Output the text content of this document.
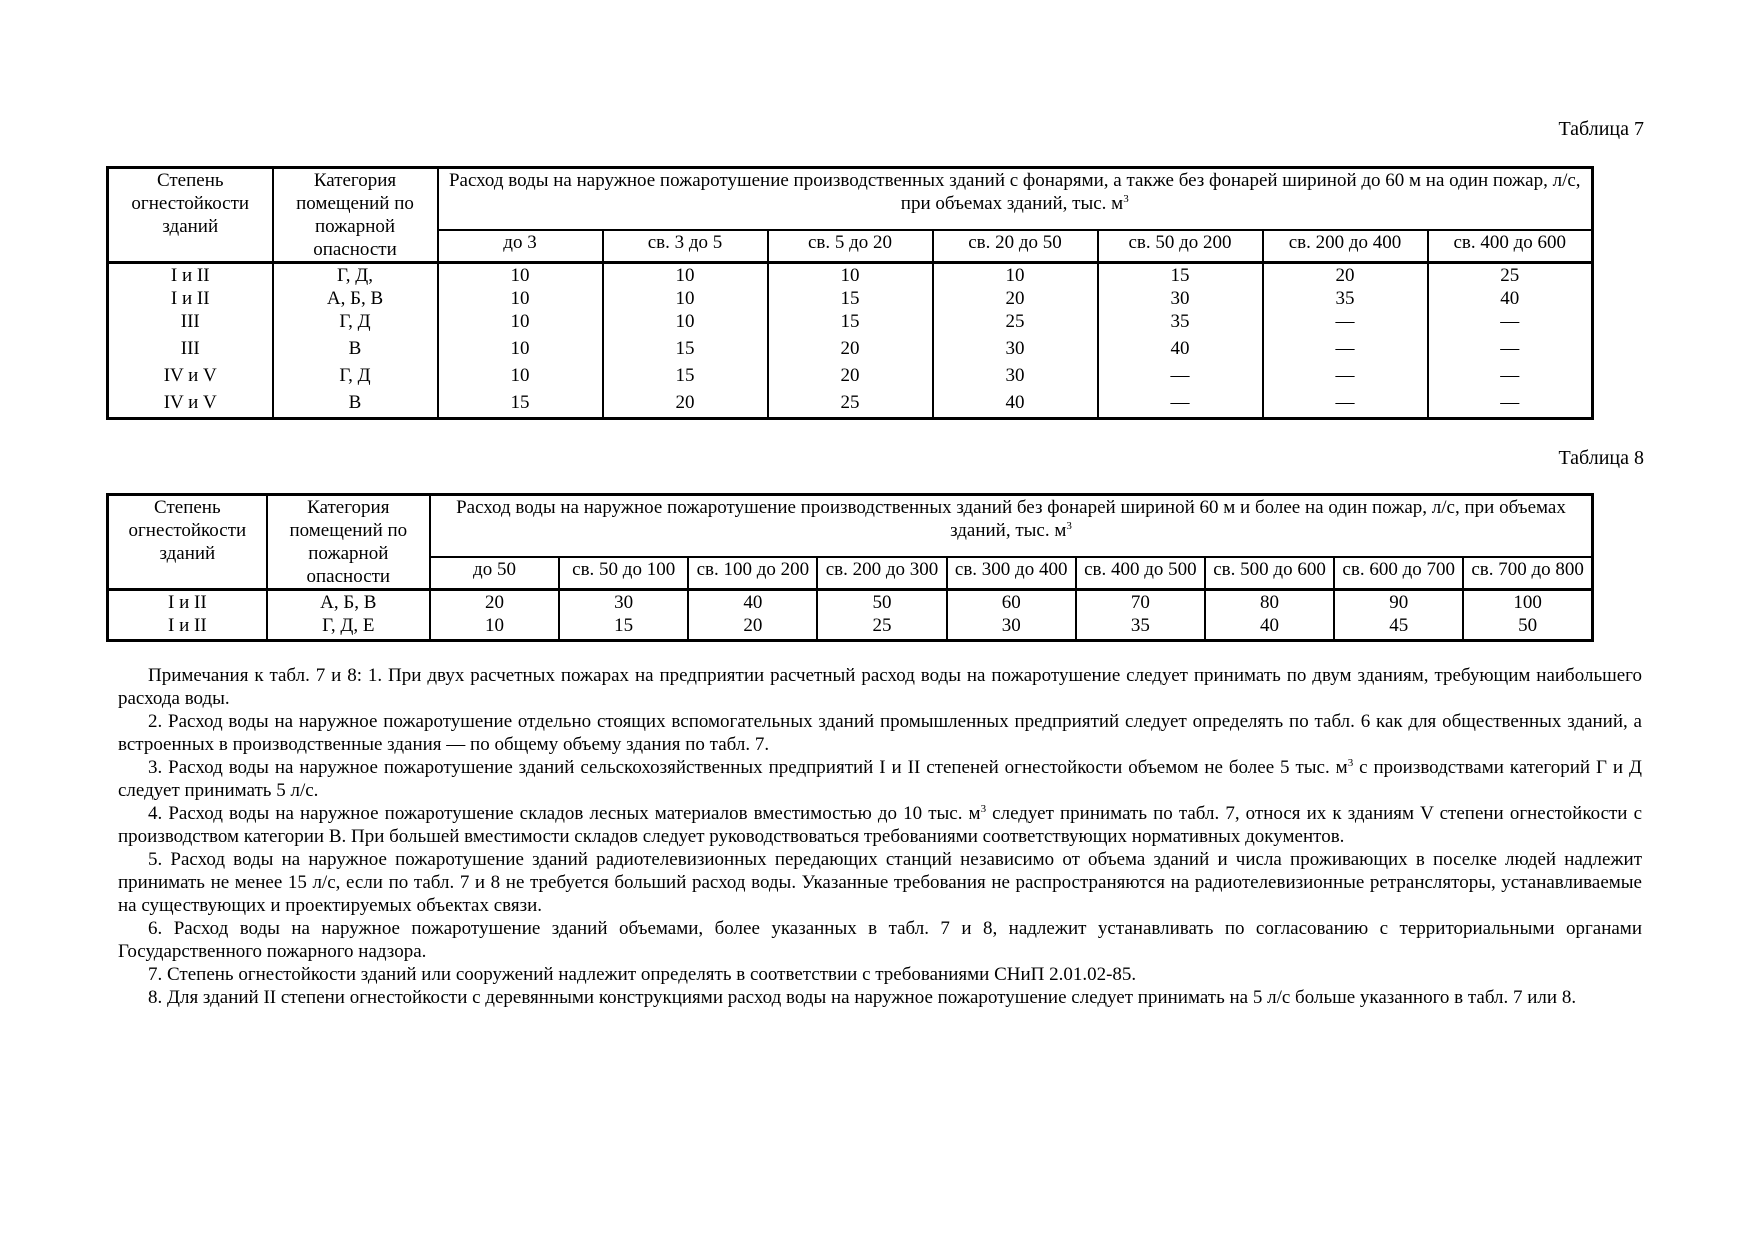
Таблица 7
Степень огнестойкости зданий	Категория помещений по пожарной опасности	Расход воды на наружное пожаротушение производственных зданий с фонарями, а также без фонарей шириной до 60 м на один пожар, л/с, при объемах зданий, тыс. $м^3$
		до 3	св. 3 до 5	св. 5 до 20	св. 20 до 50	св. 50 до 200	св. 200 до 400	св. 400 до 600
I и II	Г, Д,	10	10	10	10	15	20	25
I и II	А, Б, В	10	10	15	20	30	35	40
III	Г, Д	10	10	15	25	35	—	—
III	В	10	15	20	30	40	—	—
IV и V	Г, Д	10	15	20	30	—	—	—
IV и V	В	15	20	25	40	—	—	—
Таблица 8
Степень огнестойкости зданий	Категория помещений по пожарной опасности	Расход воды на наружное пожаротушение производственных зданий без фонарей шириной 60 м и более на один пожар, л/с, при объемах зданий, тыс. $м^3$
		до 50	св. 50 до 100	св. 100 до 200	св. 200 до 300	св. 300 до 400	св. 400 до 500	св. 500 до 600	св. 600 до 700	св. 700 до 800
I и II	А, Б, В	20	30	40	50	60	70	80	90	100
I и II	Г, Д, Е	10	15	20	25	30	35	40	45	50

Примечания к табл. 7 и 8: 1. При двух расчетных пожарах на предприятии расчетный расход воды на пожаротушение следует принимать по двум зданиям, требующим наибольшего расхода воды.

2. Расход воды на наружное пожаротушение отдельно стоящих вспомогательных зданий промышленных предприятий следует определять по табл. 6 как для общественных зданий, а встроенных в производственные здания — по общему объему здания по табл. 7.

3. Расход воды на наружное пожаротушение зданий сельскохозяйственных предприятий I и II степеней огнестойкости объемом не более 5 тыс. $м^3$ с производствами категорий Г и Д следует принимать 5 л/с.

4. Расход воды на наружное пожаротушение складов лесных материалов вместимостью до 10 тыс. $м^3$ следует принимать по табл. 7, относя их к зданиям V степени огнестойкости с производством категории В. При большей вместимости складов следует руководствоваться требованиями соответствующих нормативных документов.

5. Расход воды на наружное пожаротушение зданий радиотелевизионных передающих станций независимо от объема зданий и числа проживающих в поселке людей надлежит принимать не менее 15 л/с, если по табл. 7 и 8 не требуется больший расход воды. Указанные требования не распространяются на радиотелевизионные ретрансляторы, устанавливаемые на существующих и проектируемых объектах связи.

6. Расход воды на наружное пожаротушение зданий объемами, более указанных в табл. 7 и 8, надлежит устанавливать по согласованию с территориальными органами Государственного пожарного надзора.

7. Степень огнестойкости зданий или сооружений надлежит определять в соответствии с требованиями СНиП 2.01.02-85.

8. Для зданий II степени огнестойкости с деревянными конструкциями расход воды на наружное пожаротушение следует принимать на 5 л/с больше указанного в табл. 7 или 8.
